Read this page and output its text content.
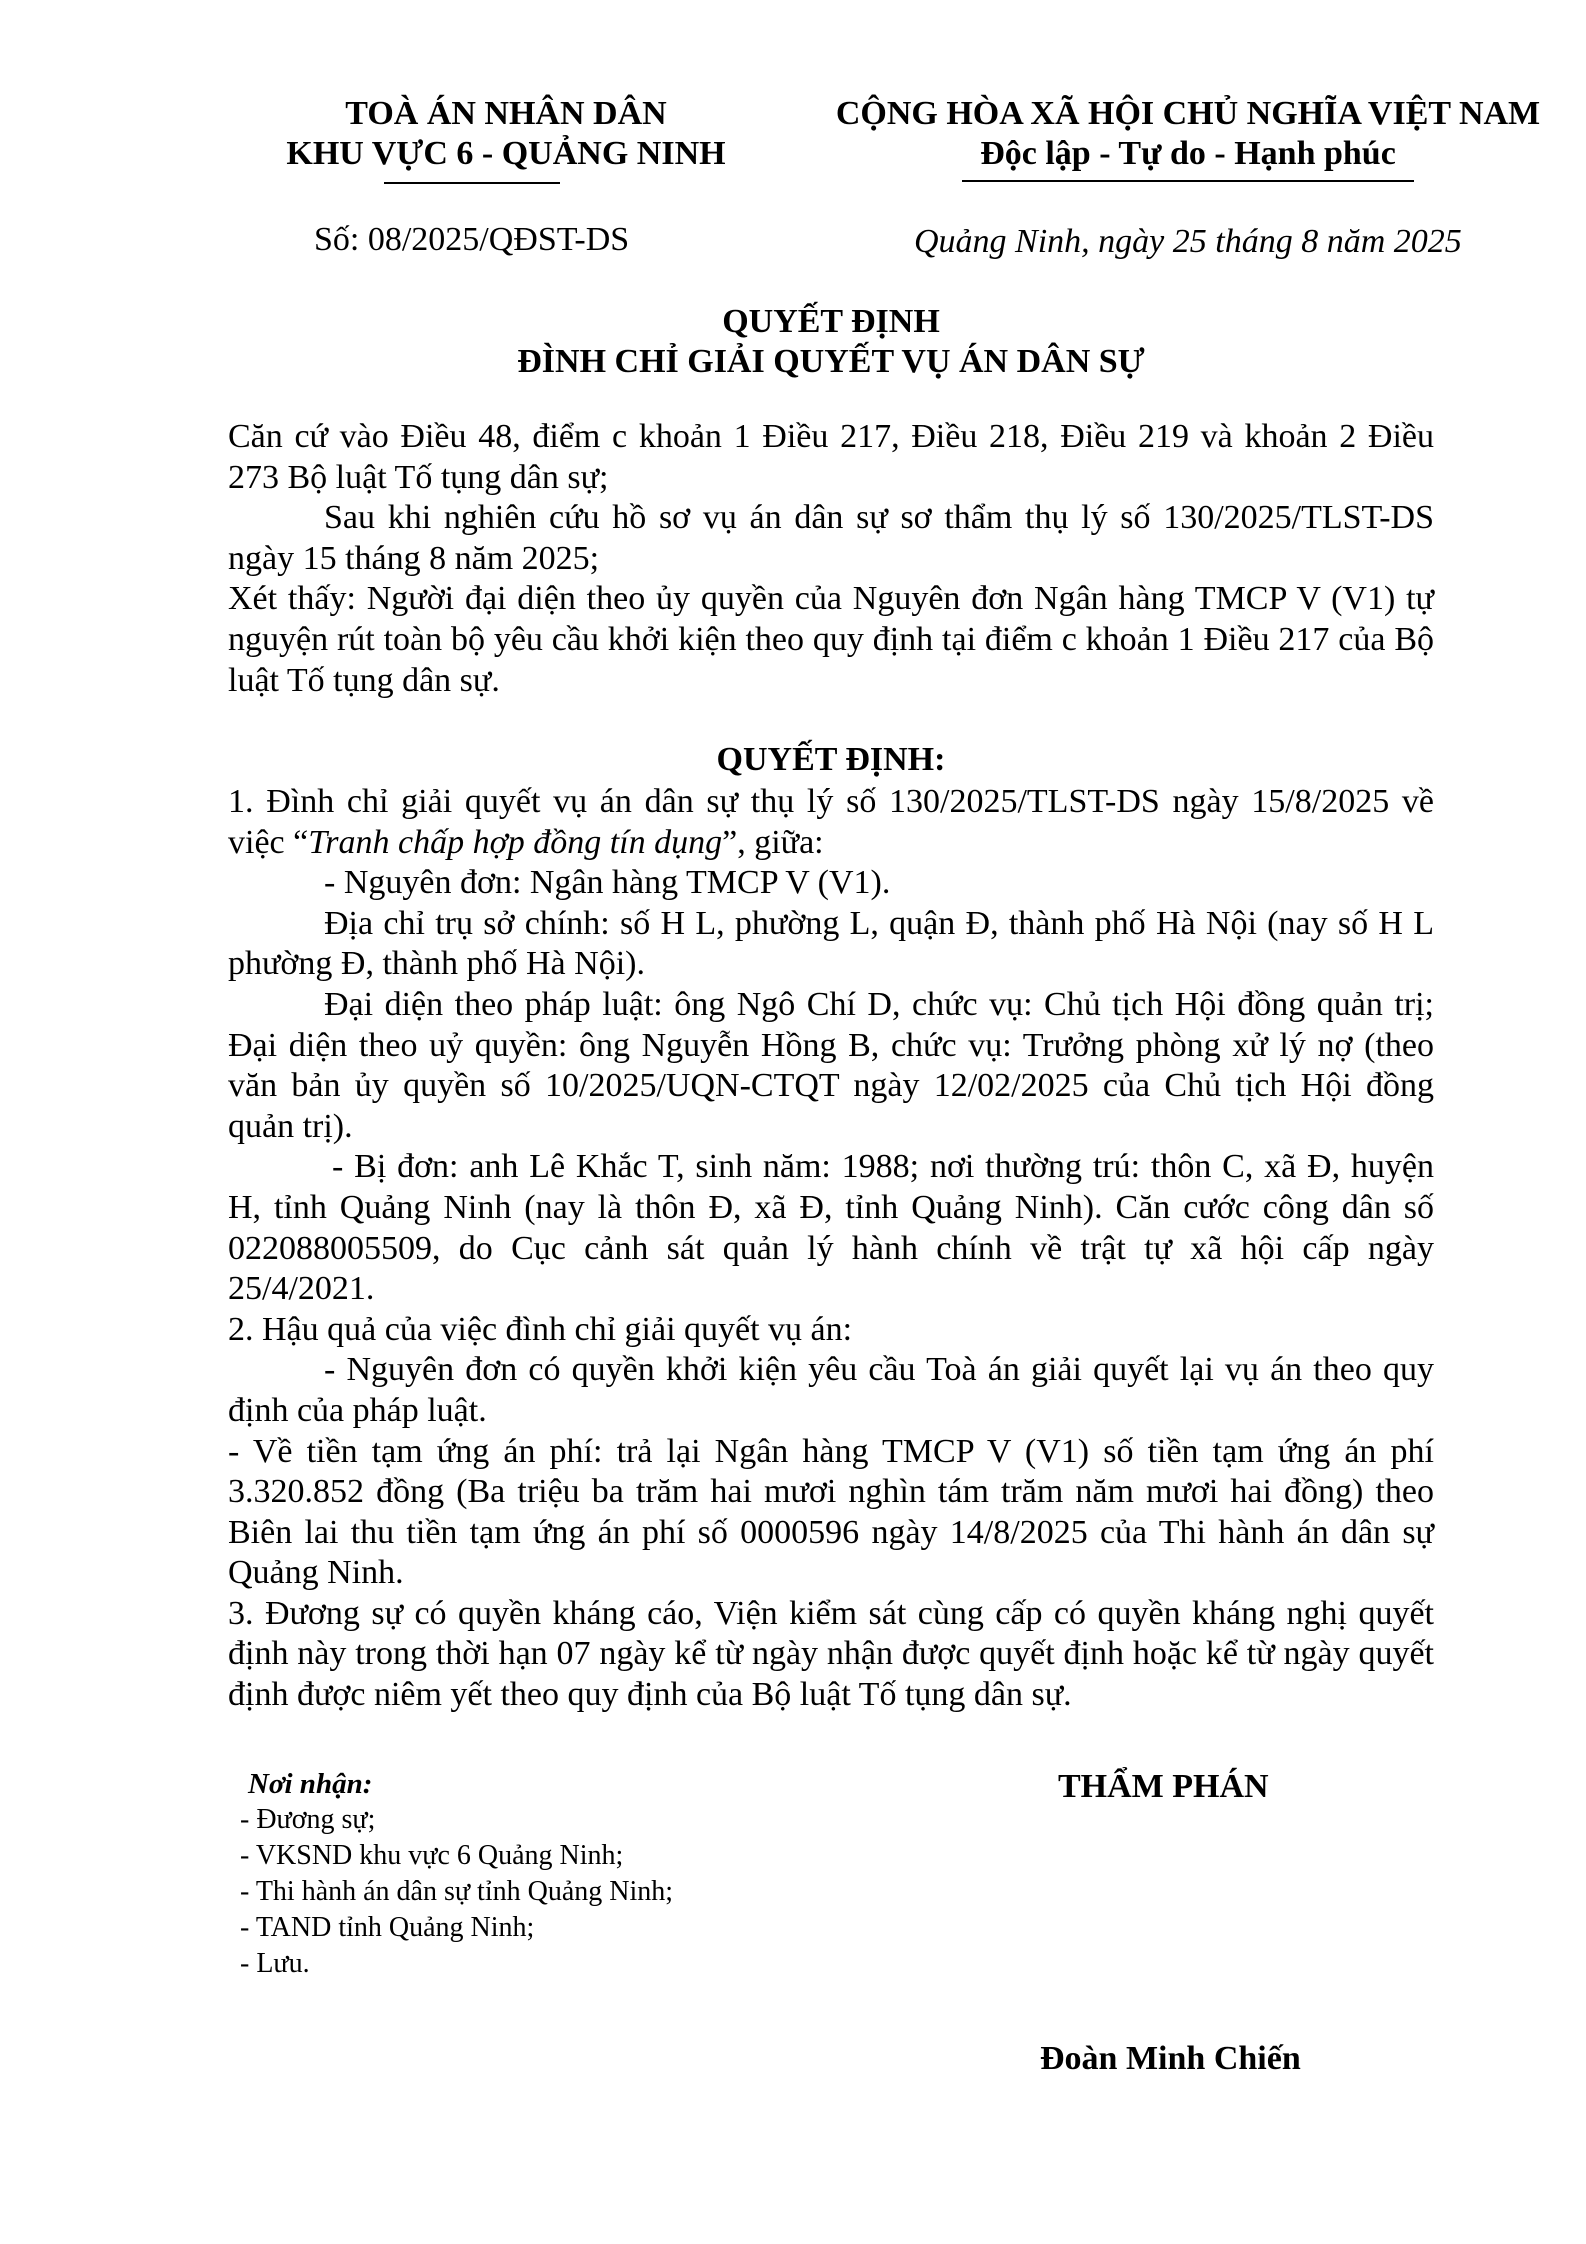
TOÀ ÁN NHÂN DÂN
KHU VỰC 6 - QUẢNG NINH
CỘNG HÒA XÃ HỘI CHỦ NGHĨA VIỆT NAM
Độc lập - Tự do - Hạnh phúc
Số: 08/2025/QĐST-DS	Quảng Ninh, ngày 25 tháng 8 năm 2025
QUYẾT ĐỊNH
ĐÌNH CHỈ GIẢI QUYẾT VỤ ÁN DÂN SỰ

Căn cứ vào Điều 48, điểm c khoản 1 Điều 217, Điều 218, Điều 219 và khoản 2 Điều 273 Bộ luật Tố tụng dân sự;

Sau khi nghiên cứu hồ sơ vụ án dân sự sơ thẩm thụ lý số 130/2025/TLST-DS ngày 15 tháng 8 năm 2025;

Xét thấy: Người đại diện theo ủy quyền của Nguyên đơn Ngân hàng TMCP V (V1) tự nguyện rút toàn bộ yêu cầu khởi kiện theo quy định tại điểm c khoản 1 Điều 217 của Bộ luật Tố tụng dân sự.

QUYẾT ĐỊNH:

1. Đình chỉ giải quyết vụ án dân sự thụ lý số 130/2025/TLST-DS ngày 15/8/2025 về việc “Tranh chấp hợp đồng tín dụng”, giữa:

- Nguyên đơn: Ngân hàng TMCP V (V1).

Địa chỉ trụ sở chính: số H L, phường L, quận Đ, thành phố Hà Nội (nay số H L phường Đ, thành phố Hà Nội).

Đại diện theo pháp luật: ông Ngô Chí D, chức vụ: Chủ tịch Hội đồng quản trị; Đại diện theo uỷ quyền: ông Nguyễn Hồng B, chức vụ: Trưởng phòng xử lý nợ (theo văn bản ủy quyền số 10/2025/UQN-CTQT ngày 12/02/2025 của Chủ tịch Hội đồng quản trị).

- Bị đơn: anh Lê Khắc T, sinh năm: 1988; nơi thường trú: thôn C, xã Đ, huyện H, tỉnh Quảng Ninh (nay là thôn Đ, xã Đ, tỉnh Quảng Ninh). Căn cước công dân số 022088005509, do Cục cảnh sát quản lý hành chính về trật tự xã hội cấp ngày 25/4/2021.

2. Hậu quả của việc đình chỉ giải quyết vụ án:

- Nguyên đơn có quyền khởi kiện yêu cầu Toà án giải quyết lại vụ án theo quy định của pháp luật.

- Về tiền tạm ứng án phí: trả lại Ngân hàng TMCP V (V1) số tiền tạm ứng án phí 3.320.852 đồng (Ba triệu ba trăm hai mươi nghìn tám trăm năm mươi hai đồng) theo Biên lai thu tiền tạm ứng án phí số 0000596 ngày 14/8/2025 của Thi hành án dân sự Quảng Ninh.

3. Đương sự có quyền kháng cáo, Viện kiểm sát cùng cấp có quyền kháng nghị quyết định này trong thời hạn 07 ngày kể từ ngày nhận được quyết định hoặc kể từ ngày quyết định được niêm yết theo quy định của Bộ luật Tố tụng dân sự.

Nơi nhận:
- Đương sự;
- VKSND khu vực 6 Quảng Ninh;
- Thi hành án dân sự tỉnh Quảng Ninh;
- TAND tỉnh Quảng Ninh;
- Lưu.
THẨM PHÁN
Đoàn Minh Chiến
